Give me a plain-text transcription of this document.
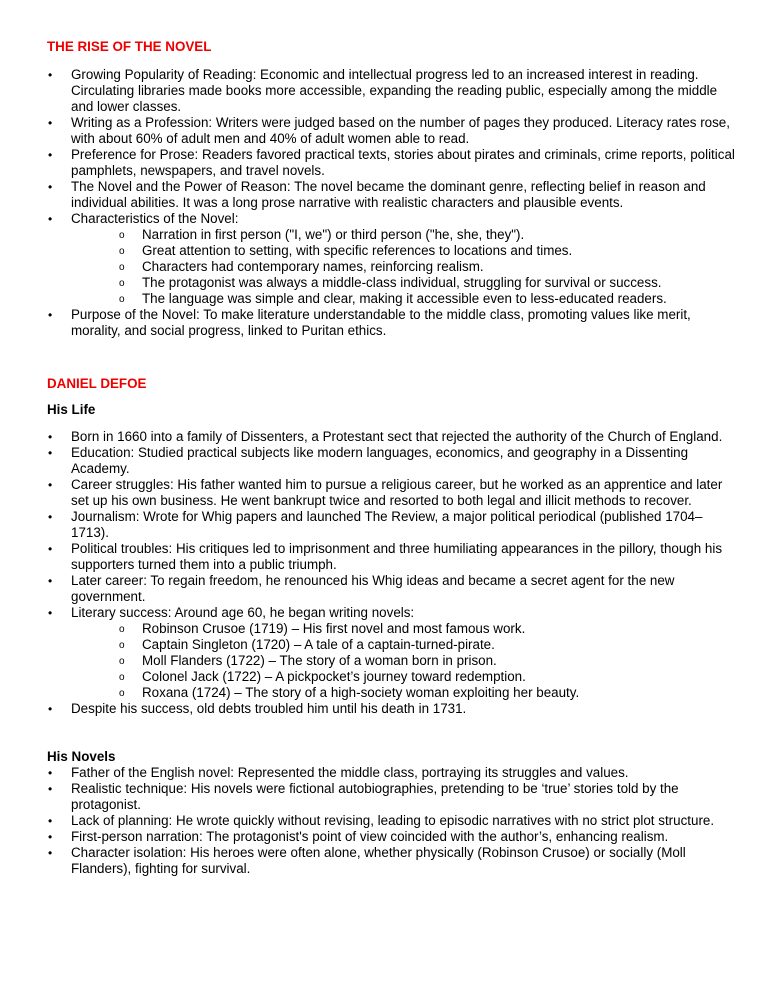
THE RISE OF THE NOVEL
• Growing Popularity of Reading: Economic and intellectual progress led to an increased interest in reading. Circulating libraries made books more accessible, expanding the reading public, especially among the middle and lower classes.
• Writing as a Profession: Writers were judged based on the number of pages they produced. Literacy rates rose, with about 60% of adult men and 40% of adult women able to read.
• Preference for Prose: Readers favored practical texts, stories about pirates and criminals, crime reports, political pamphlets, newspapers, and travel novels.
• The Novel and the Power of Reason: The novel became the dominant genre, reflecting belief in reason and individual abilities. It was a long prose narrative with realistic characters and plausible events.
• Characteristics of the Novel:
o Narration in first person ("I, we") or third person ("he, she, they").
o Great attention to setting, with specific references to locations and times.
o Characters had contemporary names, reinforcing realism.
o The protagonist was always a middle-class individual, struggling for survival or success.
o The language was simple and clear, making it accessible even to less-educated readers.
• Purpose of the Novel: To make literature understandable to the middle class, promoting values like merit, morality, and social progress, linked to Puritan ethics.
DANIEL DEFOE
His Life
• Born in 1660 into a family of Dissenters, a Protestant sect that rejected the authority of the Church of England.
• Education: Studied practical subjects like modern languages, economics, and geography in a Dissenting Academy.
• Career struggles: His father wanted him to pursue a religious career, but he worked as an apprentice and later set up his own business. He went bankrupt twice and resorted to both legal and illicit methods to recover.
• Journalism: Wrote for Whig papers and launched The Review, a major political periodical (published 1704–1713).
• Political troubles: His critiques led to imprisonment and three humiliating appearances in the pillory, though his supporters turned them into a public triumph.
• Later career: To regain freedom, he renounced his Whig ideas and became a secret agent for the new government.
• Literary success: Around age 60, he began writing novels:
o Robinson Crusoe (1719) – His first novel and most famous work.
o Captain Singleton (1720) – A tale of a captain-turned-pirate.
o Moll Flanders (1722) – The story of a woman born in prison.
o Colonel Jack (1722) – A pickpocket’s journey toward redemption.
o Roxana (1724) – The story of a high-society woman exploiting her beauty.
• Despite his success, old debts troubled him until his death in 1731.
His Novels
• Father of the English novel: Represented the middle class, portraying its struggles and values.
• Realistic technique: His novels were fictional autobiographies, pretending to be ‘true’ stories told by the protagonist.
• Lack of planning: He wrote quickly without revising, leading to episodic narratives with no strict plot structure.
• First-person narration: The protagonist's point of view coincided with the author’s, enhancing realism.
• Character isolation: His heroes were often alone, whether physically (Robinson Crusoe) or socially (Moll Flanders), fighting for survival.
